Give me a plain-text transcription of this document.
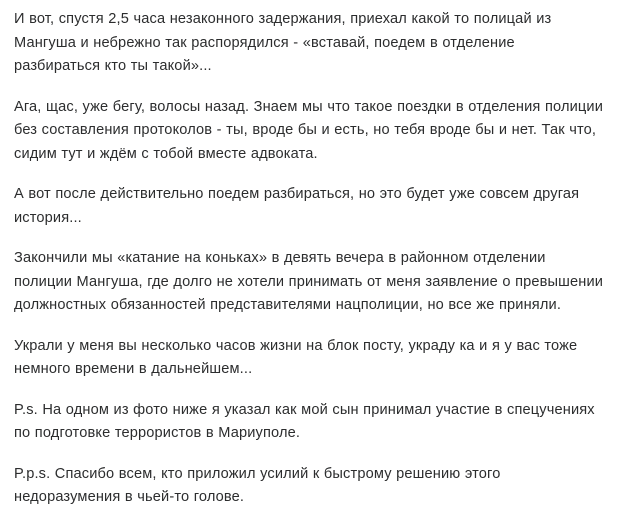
И вот, спустя 2,5 часа незаконного задержания, приехал какой то полицай из Мангуша и небрежно так распорядился - «вставай, поедем в отделение разбираться кто ты такой»...

Ага, щас, уже бегу, волосы назад. Знаем мы что такое поездки в отделения полиции без составления протоколов - ты, вроде бы и есть, но тебя вроде бы и нет. Так что, сидим тут и ждём с тобой вместе адвоката.

А вот после действительно поедем разбираться, но это будет уже совсем другая история...

Закончили мы «катание на коньках» в девять вечера в районном отделении полиции Мангуша, где долго не хотели принимать от меня заявление о превышении должностных обязанностей представителями нацполиции, но все же приняли.

Украли у меня вы несколько часов жизни на блок посту, украду ка и я у вас тоже немного времени в дальнейшем...

P.s. На одном из фото ниже я указал как мой сын принимал участие в спецучениях по подготовке террористов в Мариуполе.

P.p.s. Спасибо всем, кто приложил усилий к быстрому решению этого недоразумения в чьей-то голове.
